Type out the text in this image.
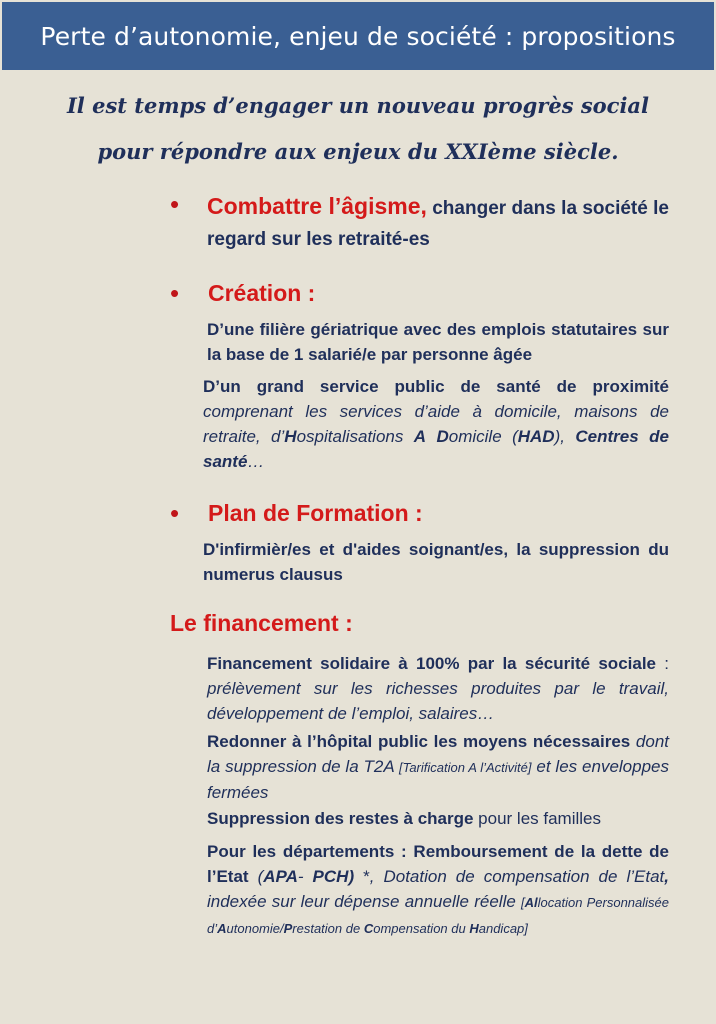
Perte d’autonomie, enjeu de société : propositions

Il est temps d’engager un nouveau progrès social

pour répondre aux enjeux du XXIème siècle.

•	Combattre l’âgisme, changer dans la société le regard sur les retraité-es

•	Création :

D’une filière gériatrique avec des emplois statutaires sur la base de 1 salarié/e par personne âgée

D’un grand service public de santé de proximité comprenant les services d’aide à domicile, maisons de retraite, d’Hospitalisations A Domicile (HAD), Centres de santé…

•	Plan de Formation :

D'infirmièr/es et d'aides soignant/es, la suppression du numerus clausus

Le financement :

Financement solidaire à 100% par la sécurité sociale : prélèvement sur les richesses produites par le travail, développement de l’emploi, salaires…

Redonner à l’hôpital public les moyens nécessaires dont la suppression de la T2A [Tarification A l’Activité] et les enveloppes fermées

Suppression des restes à charge pour les familles

Pour les départements : Remboursement de la dette de l’Etat (APA- PCH) *, Dotation de compensation de l’Etat, indexée sur leur dépense annuelle réelle [Allocation Personnalisée d’Autonomie/Prestation de Compensation du Handicap]
